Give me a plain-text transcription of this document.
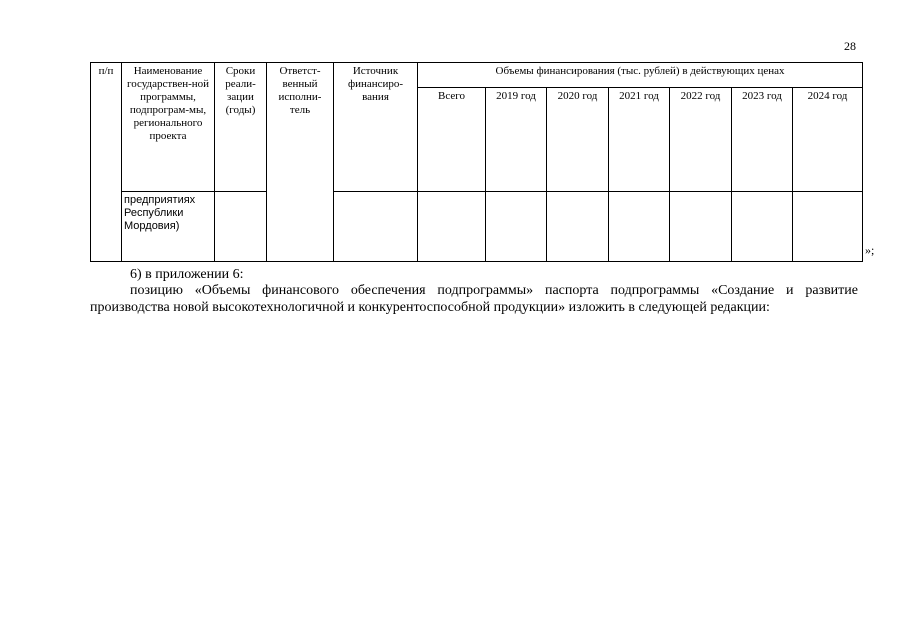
28
п/п	Наименование государствен-ной программы, подпрограм-мы, регионального проекта	Сроки реали-зации (годы)	Ответст-венный исполни-тель	Источник финансиро-вания	Объемы финансирования (тыс. рублей) в действующих ценах						
					Всего	2019 год	2020 год	2021 год	2022 год	2023 год	2024 год

	предприятиях Республики Мордовия)										

»;
6) в приложении 6:
позицию «Объемы финансового обеспечения подпрограммы» паспорта подпрограммы «Создание и развитие производства новой высокотехнологичной и конкурентоспособной продукции» изложить в следующей редакции:
